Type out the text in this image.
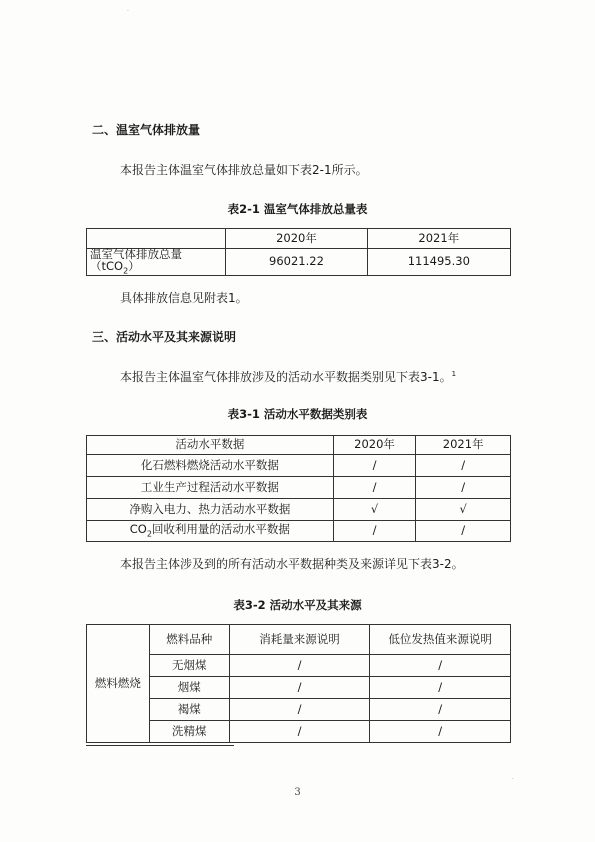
·
·
二、温室气体排放量
本报告主体温室气体排放总量如下表2-1所示。
表2-1 温室气体排放总量表
	2020年	2021年
温室气体排放总量（tCO$_2$）	96021.22	111495.30
具体排放信息见附表1。
三、活动水平及其来源说明
本报告主体温室气体排放涉及的活动水平数据类别见下表3-1。$^1$
表3-1 活动水平数据类别表
活动水平数据	2020年	2021年
化石燃料燃烧活动水平数据	/	/
工业生产过程活动水平数据	/	/
净购入电力、热力活动水平数据	√	√
$CO_2$回收利用量的活动水平数据	/	/
本报告主体涉及到的所有活动水平数据种类及来源详见下表3-2。
表3-2 活动水平及其来源
燃料燃烧	燃料品种	消耗量来源说明	低位发热值来源说明
	无烟煤	/	/
	烟煤	/	/
	褐煤	/	/
	洗精煤	/	/
3
